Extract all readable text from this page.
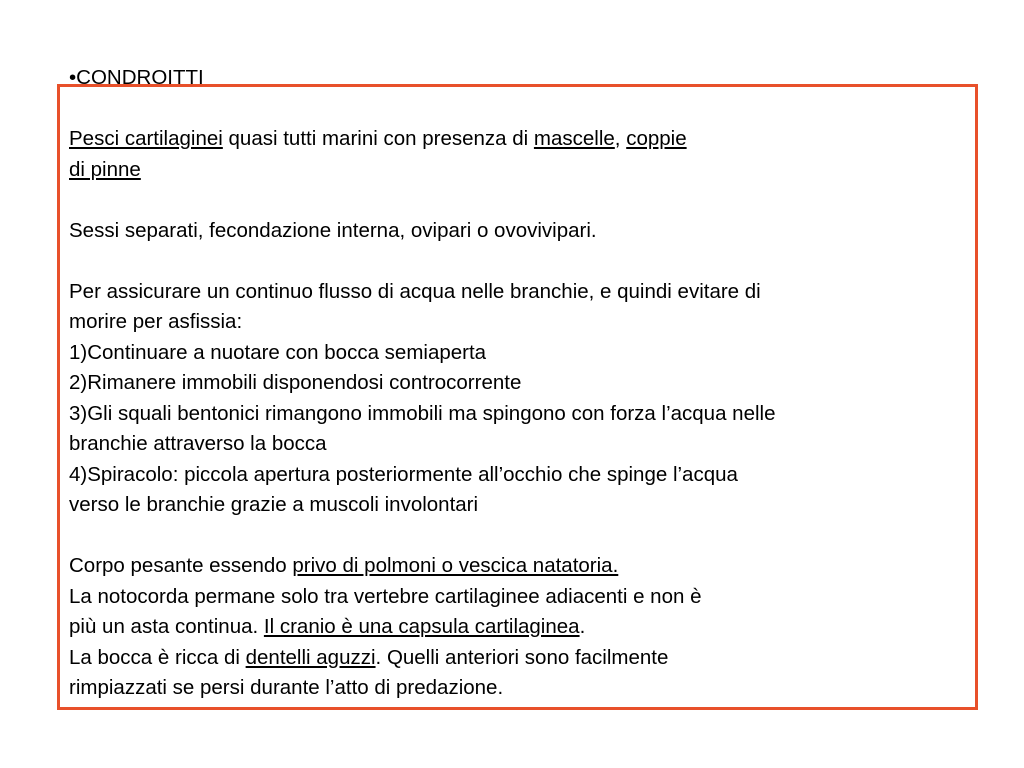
•CONDROITTI
Pesci cartilaginei quasi tutti marini con presenza di mascelle, coppie
di pinne
Sessi separati, fecondazione interna, ovipari o ovovivipari.
Per assicurare un continuo flusso di acqua nelle branchie, e quindi evitare di
morire per asfissia:
1)Continuare a nuotare con bocca semiaperta
2)Rimanere immobili disponendosi controcorrente
3)Gli squali bentonici rimangono immobili ma spingono con forza l’acqua nelle
branchie attraverso la bocca
4)Spiracolo: piccola apertura posteriormente all’occhio che spinge l’acqua
verso le branchie grazie a muscoli involontari
Corpo pesante essendo privo di polmoni o vescica natatoria.
La notocorda permane solo tra vertebre cartilaginee adiacenti e non è
più un asta continua. Il cranio è una capsula cartilaginea.
La bocca è ricca di dentelli aguzzi. Quelli anteriori sono facilmente
rimpiazzati se persi durante l’atto di predazione.
